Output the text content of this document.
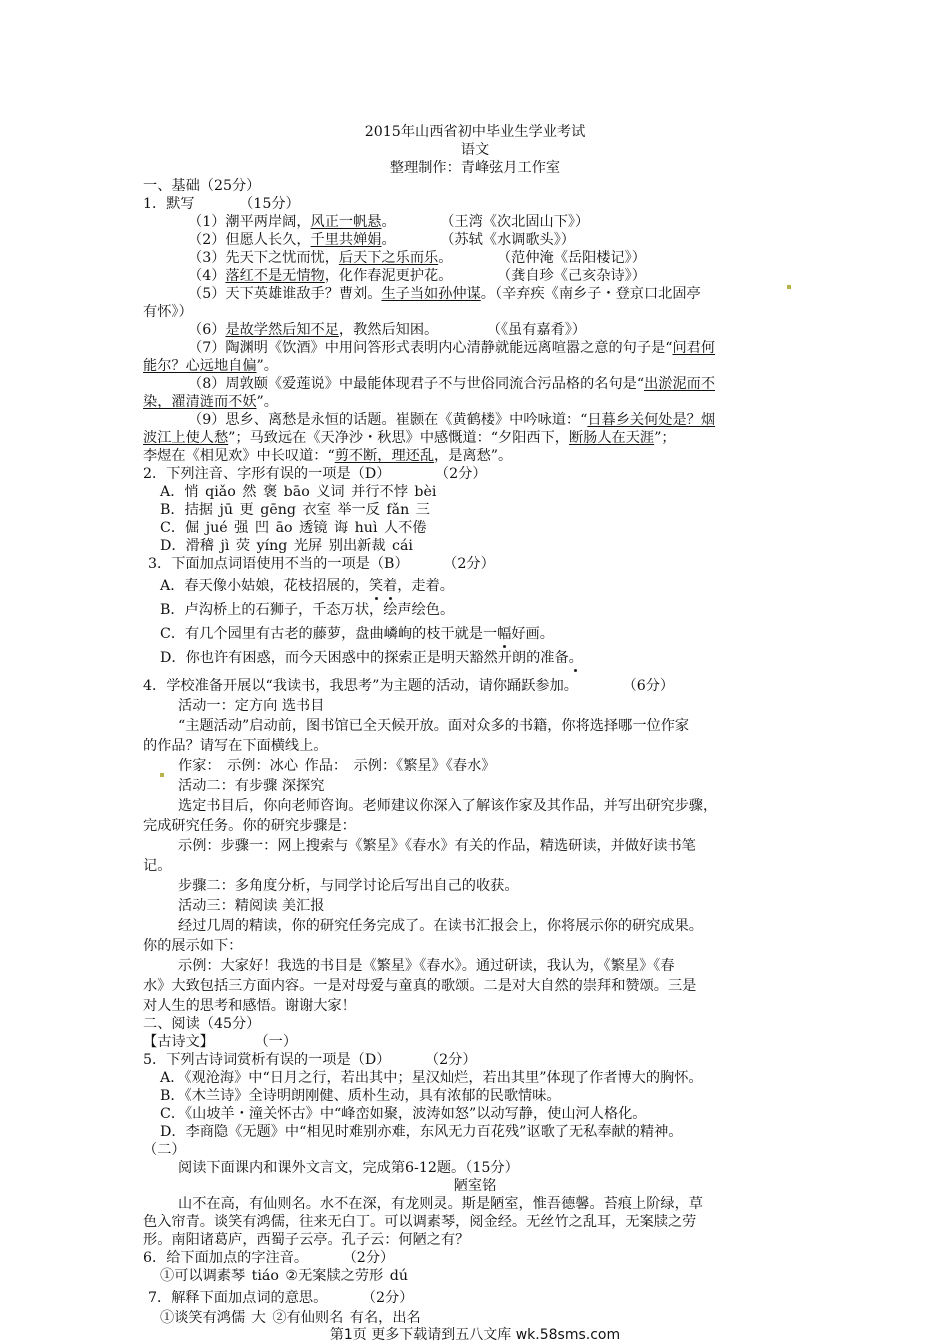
2015年山西省初中毕业生学业考试
语文
整理制作：青峰弦月工作室
一、基础（25分）
1．默写	（15分）
（1）潮平两岸阔，风正一帆悬。	（王湾《次北固山下》）
（2）但愿人长久，千里共婵娟。	（苏轼《水调歌头》）
（3）先天下之忧而忧，后天下之乐而乐。	（范仲淹《岳阳楼记》）
（4）落红不是无情物，化作春泥更护花。	（龚自珍《己亥杂诗》）
（5）天下英雄谁敌手？曹刘。生子当如孙仲谋。（辛弃疾《南乡子・登京口北固亭
有怀》）
（6）是故学然后知不足，教然后知困。	（《虽有嘉肴》）
（7）陶渊明《饮酒》中用问答形式表明内心清静就能远离喧嚣之意的句子是“问君何
能尔？心远地自偏”。
（8）周敦颐《爱莲说》中最能体现君子不与世俗同流合污品格的名句是“出淤泥而不
染，濯清涟而不妖”。
（9）思乡、离愁是永恒的话题。崔颢在《黄鹤楼》中吟咏道：“日暮乡关何处是？烟
波江上使人愁”；马致远在《天净沙・秋思》中感慨道：“夕阳西下，断肠人在天涯”；
李煜在《相见欢》中长叹道：“剪不断，理还乱，是离愁”。
2．下列注音、字形有误的一项是（D）	（2分）
A．悄 qiǎo 然 褒 bāo 义词 并行不悖 bèi
B．拮据 jū 更 gēng 衣室 举一反 fǎn 三
C．倔 jué 强 凹 āo 透镜 诲 huì 人不倦
D．滑稽 jì 荧 yíng 光屏 别出新裁 cái
3．下面加点词语使用不当的一项是（B） （2分）
A．春天像小姑娘，花枝招展的，笑着，走着。
B．卢沟桥上的石狮子，千态万状，绘声绘色。
C．有几个园里有古老的藤萝，盘曲嶙峋的枝干就是一幅好画。
D．你也许有困惑，而今天困惑中的探索正是明天豁然开朗的准备。
4．学校准备开展以“我读书，我思考”为主题的活动，请你踊跃参加。	（6分）
活动一：定方向 选书目
“主题活动”启动前，图书馆已全天候开放。面对众多的书籍，你将选择哪一位作家
的作品？请写在下面横线上。
作家： 示例：冰心 作品： 示例：《繁星》《春水》
活动二：有步骤 深探究
选定书目后，你向老师咨询。老师建议你深入了解该作家及其作品，并写出研究步骤，
完成研究任务。你的研究步骤是：
示例：步骤一：网上搜索与《繁星》《春水》有关的作品，精选研读，并做好读书笔
记。
步骤二：多角度分析，与同学讨论后写出自己的收获。
活动三：精阅读 美汇报
经过几周的精读，你的研究任务完成了。在读书汇报会上，你将展示你的研究成果。
你的展示如下：
示例：大家好！我选的书目是《繁星》《春水》。通过研读，我认为，《繁星》《春
水》大致包括三方面内容。一是对母爱与童真的歌颂。二是对大自然的崇拜和赞颂。三是
对人生的思考和感悟。谢谢大家！
二、阅读（45分）
【古诗文】	（一）
5．下列古诗词赏析有误的一项是（D） （2分）
A．《观沧海》中“日月之行，若出其中；星汉灿烂，若出其里”体现了作者博大的胸怀。
B．《木兰诗》全诗明朗刚健、质朴生动，具有浓郁的民歌情味。
C．《山坡羊・潼关怀古》中“峰峦如聚，波涛如怒”以动写静，使山河人格化。
D．李商隐《无题》中“相见时难别亦难，东风无力百花残”讴歌了无私奉献的精神。
（二）
阅读下面课内和课外文言文，完成第6-12题。（15分）
陋室铭
山不在高，有仙则名。水不在深，有龙则灵。斯是陋室，惟吾德馨。苔痕上阶绿，草
色入帘青。谈笑有鸿儒，往来无白丁。可以调素琴，阅金经。无丝竹之乱耳，无案牍之劳
形。南阳诸葛庐，西蜀子云亭。孔子云：何陋之有？
6．给下面加点的字注音。 （2分）
①可以调素琴 tiáo ②无案牍之劳形 dú
7．解释下面加点词的意思。 （2分）
①谈笑有鸿儒 大 ②有仙则名 有名，出名
第1页 更多下载请到五八文库 wk.58sms.com
